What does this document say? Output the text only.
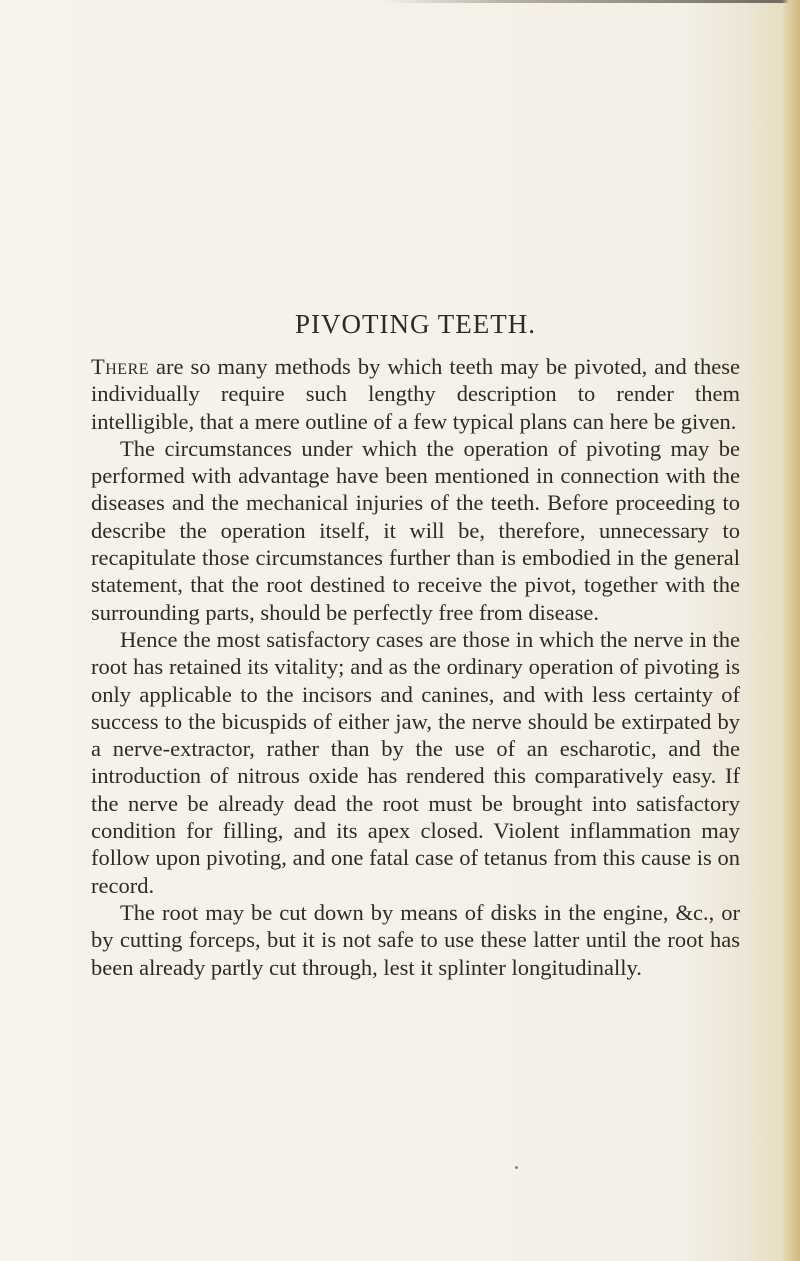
PIVOTING TEETH.

There are so many methods by which teeth may be pivoted, and these individually require such lengthy description to render them intelligible, that a mere outline of a few typical plans can here be given.

The circumstances under which the operation of pivoting may be performed with advantage have been mentioned in connection with the diseases and the mechanical injuries of the teeth. Before proceeding to describe the operation itself, it will be, therefore, unnecessary to recapitulate those circumstances further than is embodied in the general statement, that the root destined to receive the pivot, together with the surrounding parts, should be perfectly free from disease.

Hence the most satisfactory cases are those in which the nerve in the root has retained its vitality; and as the ordinary operation of pivoting is only applicable to the incisors and canines, and with less certainty of success to the bicuspids of either jaw, the nerve should be extirpated by a nerve-extractor, rather than by the use of an escharotic, and the introduction of nitrous oxide has rendered this comparatively easy. If the nerve be already dead the root must be brought into satisfactory condition for filling, and its apex closed. Violent inflammation may follow upon pivoting, and one fatal case of tetanus from this cause is on record.

The root may be cut down by means of disks in the engine, &c., or by cutting forceps, but it is not safe to use these latter until the root has been already partly cut through, lest it splinter longitudinally.
